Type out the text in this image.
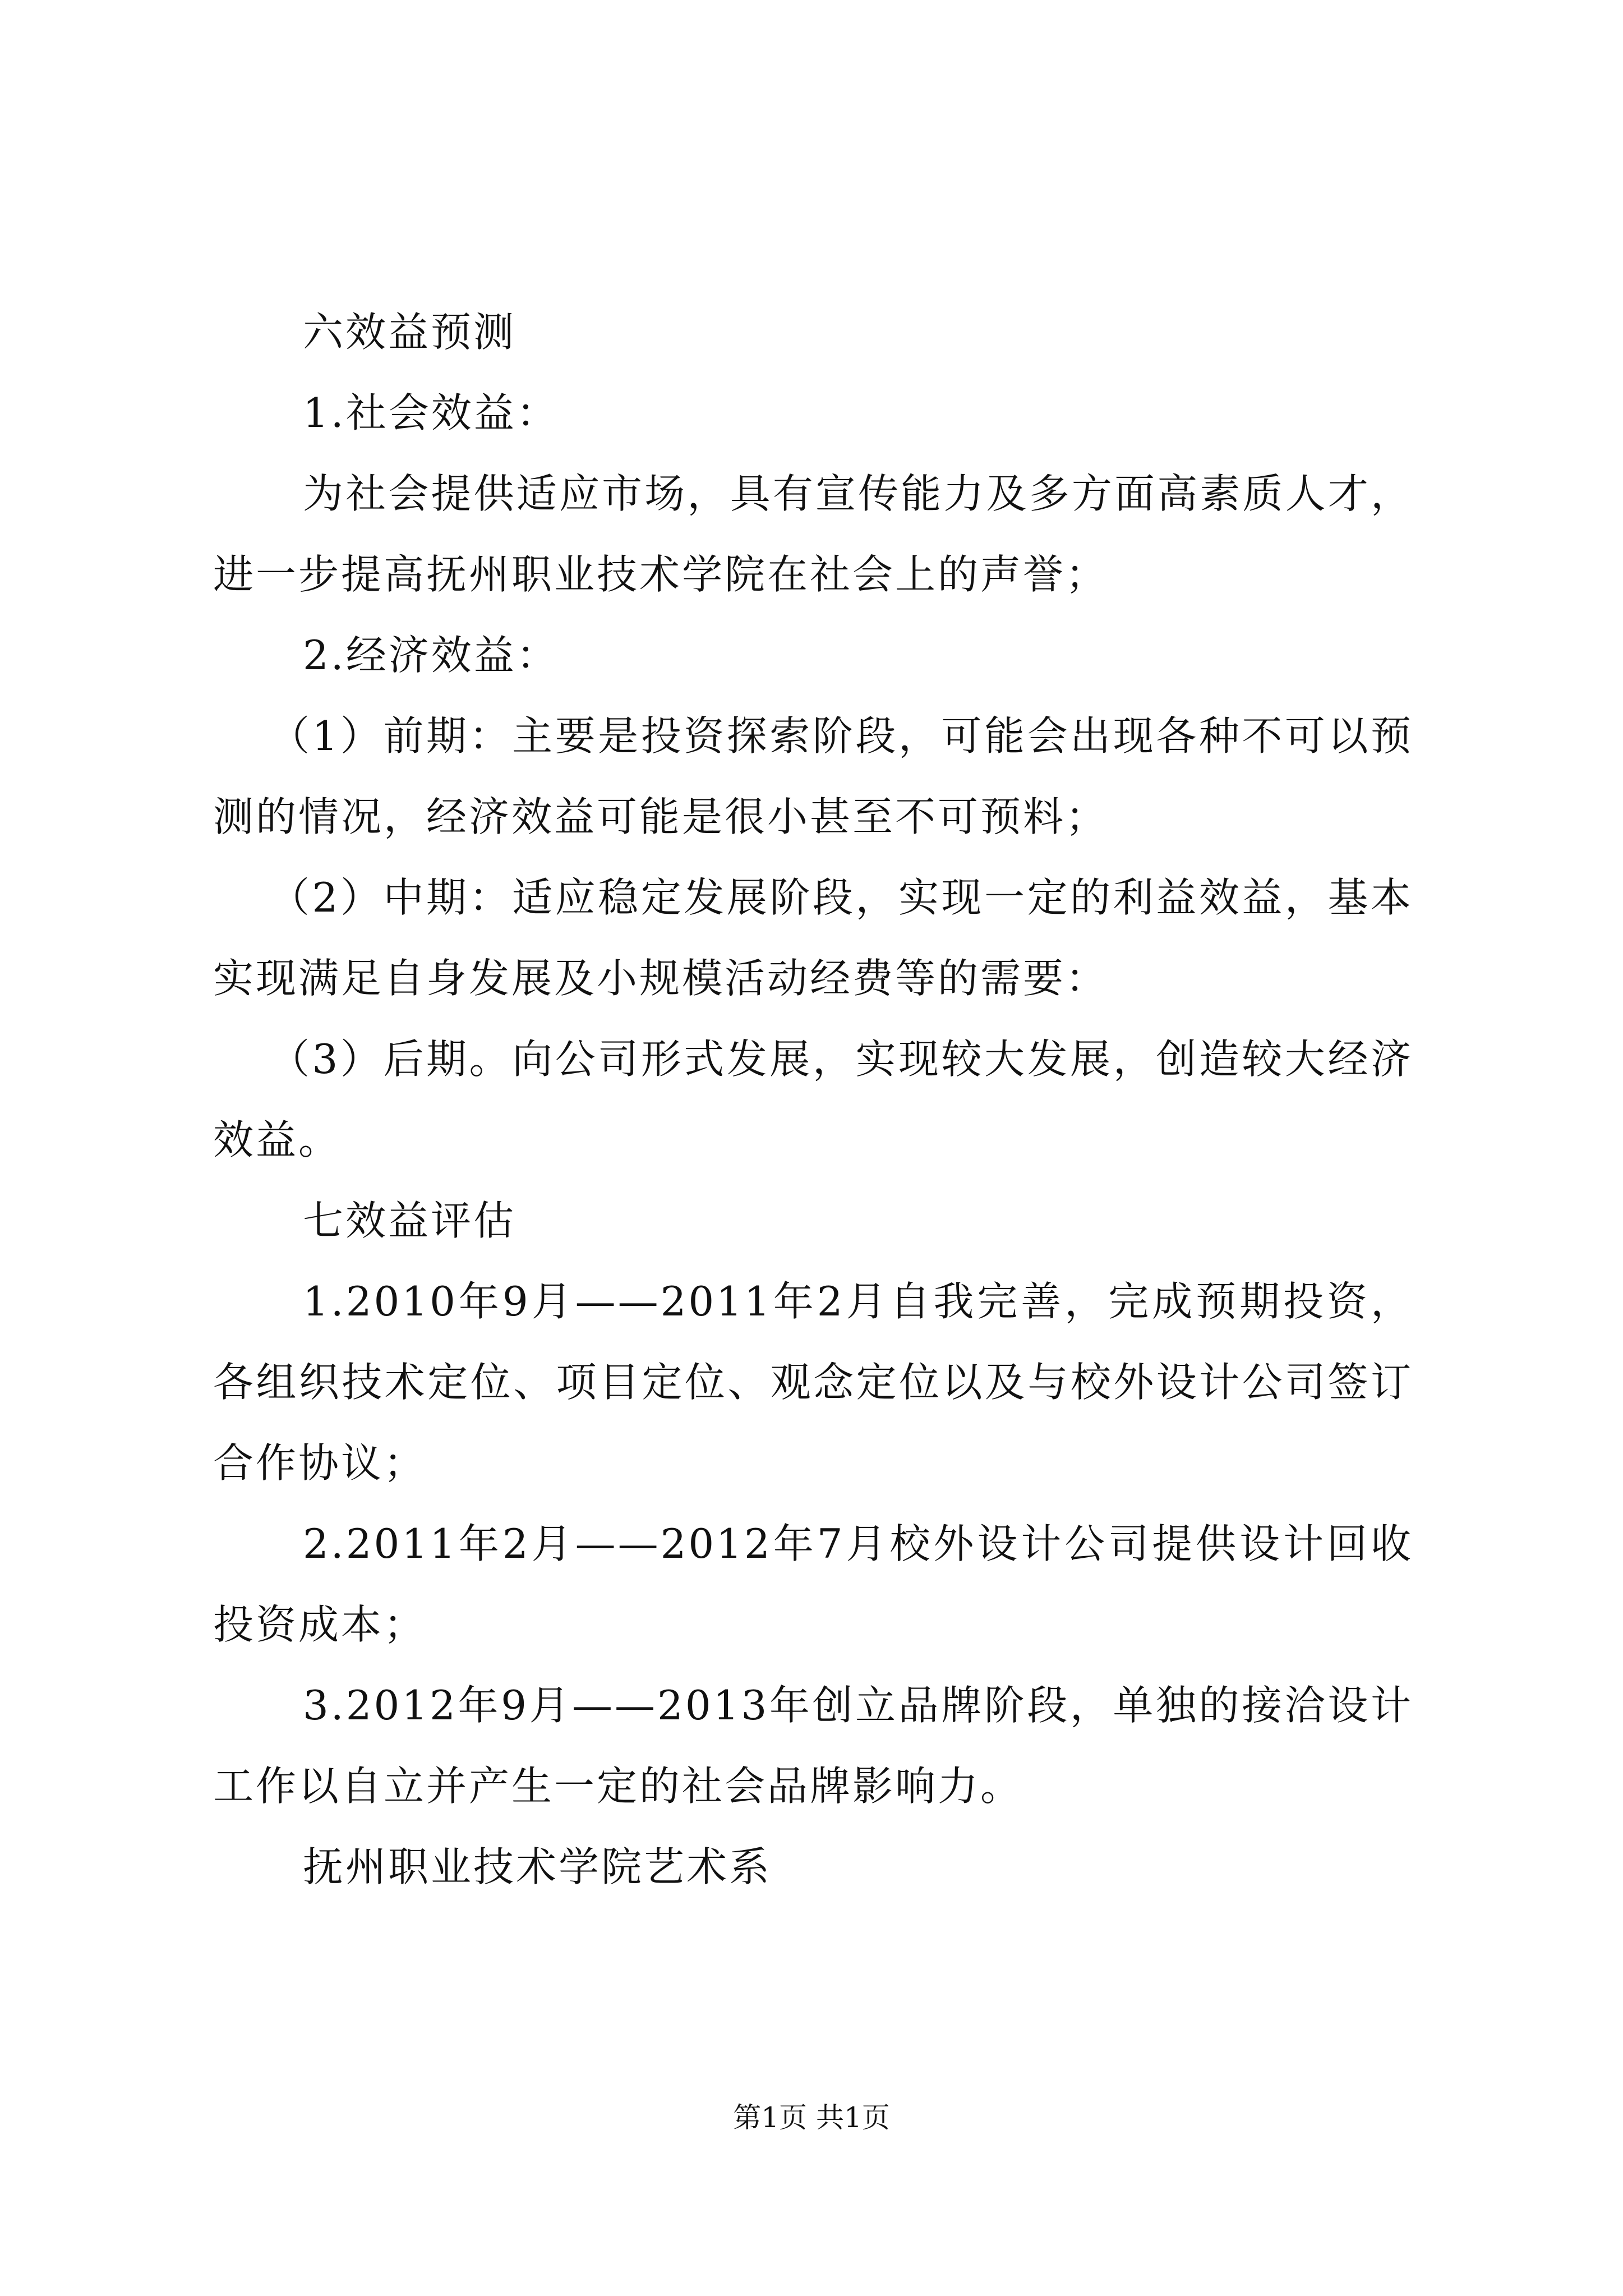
六效益预测

1.社会效益：

为社会提供适应市场，具有宣传能力及多方面高素质人才，进一步提高抚州职业技术学院在社会上的声誉；

2.经济效益：

（1）前期：主要是投资探索阶段，可能会出现各种不可以预测的情况，经济效益可能是很小甚至不可预料；

（2）中期：适应稳定发展阶段，实现一定的利益效益，基本实现满足自身发展及小规模活动经费等的需要：

（3）后期。向公司形式发展，实现较大发展，创造较大经济效益。

七效益评估

1.2010年9月——2011年2月自我完善，完成预期投资，各组织技术定位、项目定位、观念定位以及与校外设计公司签订合作协议；

2.2011年2月——2012年7月校外设计公司提供设计回收投资成本；

3.2012年9月——2013年创立品牌阶段，单独的接洽设计工作以自立并产生一定的社会品牌影响力。

抚州职业技术学院艺术系

第1页 共1页
